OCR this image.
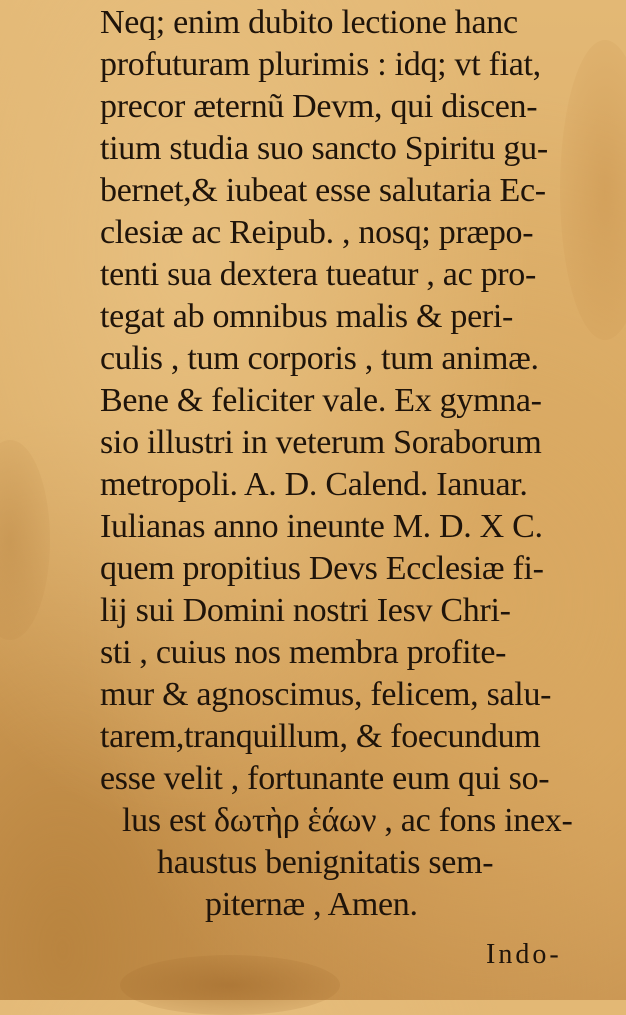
Neq; enim dubito lectione hanc
profuturam plurimis : idq; vt fiat,
precor æternũ Devm, qui discen-
tium studia suo sancto Spiritu gu-
bernet,& iubeat esse salutaria Ec-
clesiæ ac Reipub. , nosq; præpo-
tenti sua dextera tueatur , ac pro-
tegat ab omnibus malis & peri-
culis , tum corporis , tum animæ.
Bene & feliciter vale. Ex gymna-
sio illustri in veterum Soraborum
metropoli. A. D. Calend. Ianuar.
Iulianas anno ineunte M. D. X C.
quem propitius Devs Ecclesiæ fi-
lij sui Domini nostri Iesv Chri-
sti , cuius nos membra profite-
mur & agnoscimus, felicem, salu-
tarem,tranquillum, & foecundum
esse velit , fortunante eum qui so-
lus est δωτὴρ ἑάων , ac fons inex-
haustus benignitatis sem-
piternæ , Amen.
Indo-
